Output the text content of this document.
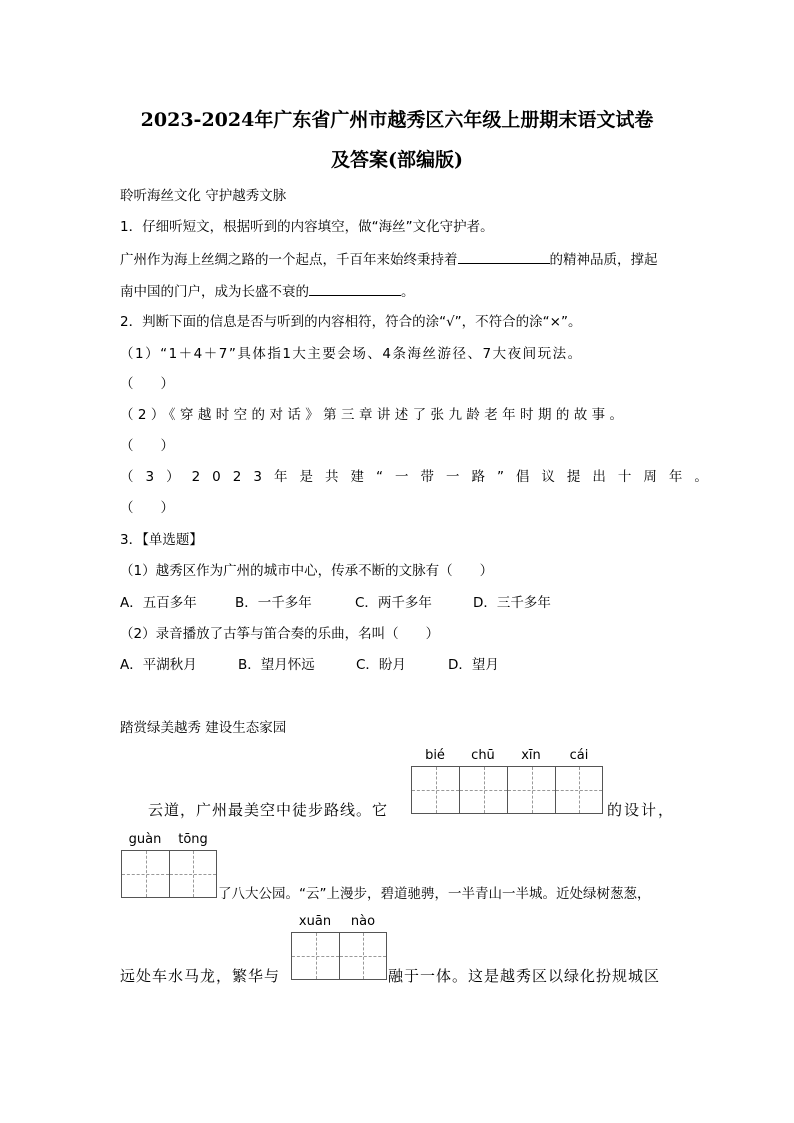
2023-2024年广东省广州市越秀区六年级上册期末语文试卷
及答案(部编版)
聆听海丝文化 守护越秀文脉
1．仔细听短文，根据听到的内容填空，做“海丝”文化守护者。
广州作为海上丝绸之路的一个起点，千百年来始终秉持着	的精神品质，撑起
南中国的门户，成为长盛不衰的	。
2．判断下面的信息是否与听到的内容相符，符合的涂“√”，不符合的涂“×”。
（1）“1＋4＋7”具体指1大主要会场、4条海丝游径、7大夜间玩法。
（　　）
（2）《穿越时空的对话》第三章讲述了张九龄老年时期的故事。
（　　）
（3）2023年是共建“一带一路”倡议提出十周年。
（　　）
3．【单选题】
（1）越秀区作为广州的城市中心，传承不断的文脉有（　　）
A．五百多年	B．一千多年	C．两千多年	D．三千多年
（2）录音播放了古筝与笛合奏的乐曲，名叫（　　）
A．平湖秋月	B．望月怀远	C．盼月	D．望月
踏赏绿美越秀 建设生态家园
bié	chū	xīn	cái
云道，广州最美空中徒步路线。它	的设计，
guàn	tōng
了八大公园。“云”上漫步，碧道驰骋，一半青山一半城。近处绿树葱葱，
xuān	nào
远处车水马龙，繁华与	融于一体。这是越秀区以绿化扮规城区
